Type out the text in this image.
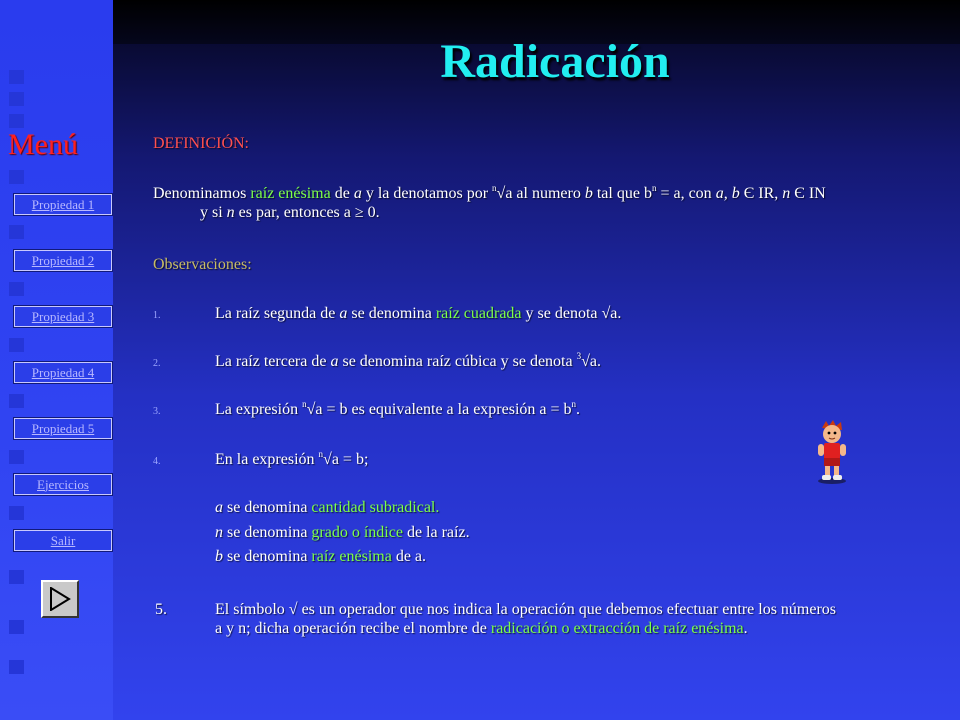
Menú
Propiedad 1
Propiedad 2
Propiedad 3
Propiedad 4
Propiedad 5
Ejercicios
Salir
Radicación
DEFINICIÓN:
Denominamos raíz enésima de a y la denotamos por $^n$√a al numero b tal que $b^n = a$, con a, b Є IR, n Є IN
y si n es par, entonces a ≥ 0.
Observaciones:
1.	La raíz segunda de a se denomina raíz cuadrada y se denota √a.
2.	La raíz tercera de a se denomina raíz cúbica y se denota $^3$√a.
3.	La expresión $^n$√a = b es equivalente a la expresión $a = b^n$.
4.	En la expresión $^n$√a = b;
a se denomina cantidad subradical.
n se denomina grado o índice de la raíz.
b se denomina raíz enésima de a.
5.	El símbolo √ es un operador que nos indica la operación que debemos efectuar entre los números
a y n; dicha operación recibe el nombre de radicación o extracción de raíz enésima.
